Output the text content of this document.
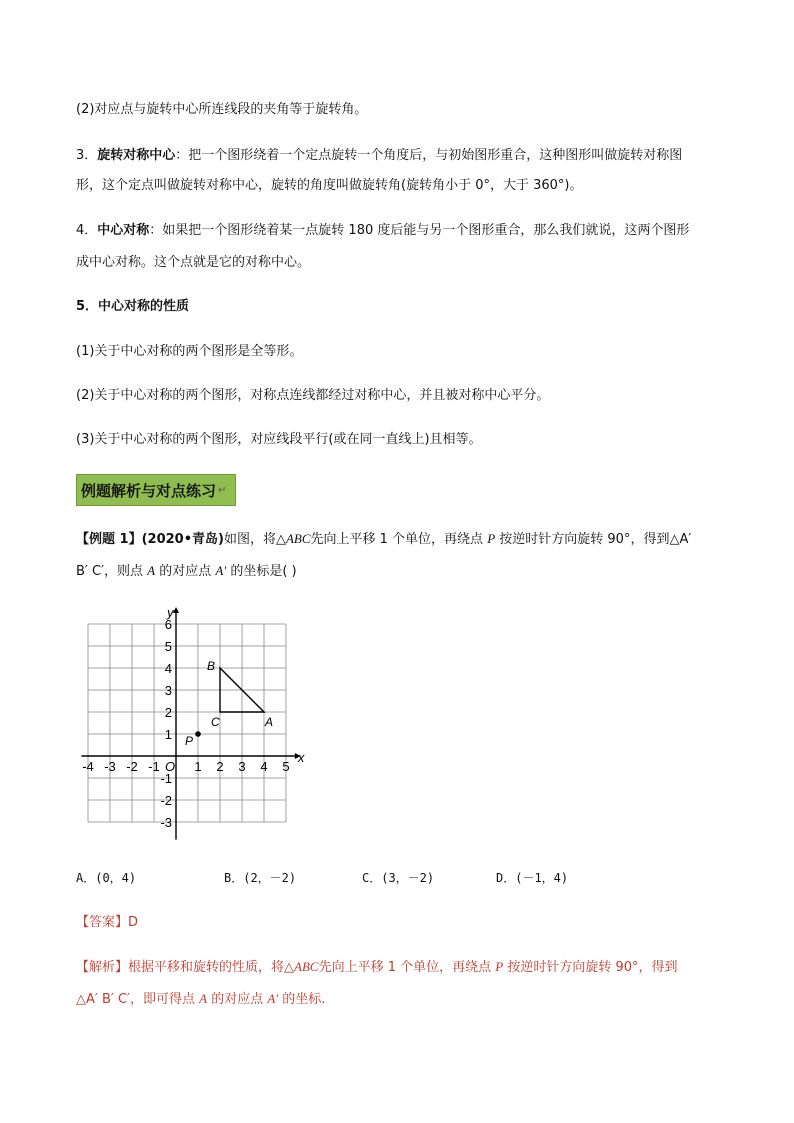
(2)对应点与旋转中心所连线段的夹角等于旋转角。
3．旋转对称中心：把一个图形绕着一个定点旋转一个角度后，与初始图形重合，这种图形叫做旋转对称图
形，这个定点叫做旋转对称中心，旋转的角度叫做旋转角(旋转角小于 0°，大于 360°)。
4．中心对称：如果把一个图形绕着某一点旋转 180 度后能与另一个图形重合，那么我们就说，这两个图形
成中心对称。这个点就是它的对称中心。
5．中心对称的性质
(1)关于中心对称的两个图形是全等形。
(2)关于中心对称的两个图形，对称点连线都经过对称中心，并且被对称中心平分。
(3)关于中心对称的两个图形，对应线段平行(或在同一直线上)且相等。
例题解析与对点练习 ↵
【例题 1】(2020•青岛)如图，将△ABC先向上平移 1 个单位，再绕点 P 按逆时针方向旋转 90°，得到△A′
B′ C′，则点 A 的对应点 A′ 的坐标是( )
x
y
O
-4 -3 -2 -1	1 2 3 4 5
6
5
4
3
2
1
-1
-2
-3
A
B
C
P
A．(0，4)	B．(2，－2)	C．(3，－2)	D．(－1，4)
【答案】D
【解析】根据平移和旋转的性质，将△ABC先向上平移 1 个单位，再绕点 P 按逆时针方向旋转 90°，得到
△A′ B′ C′，即可得点 A 的对应点 A′ 的坐标.
